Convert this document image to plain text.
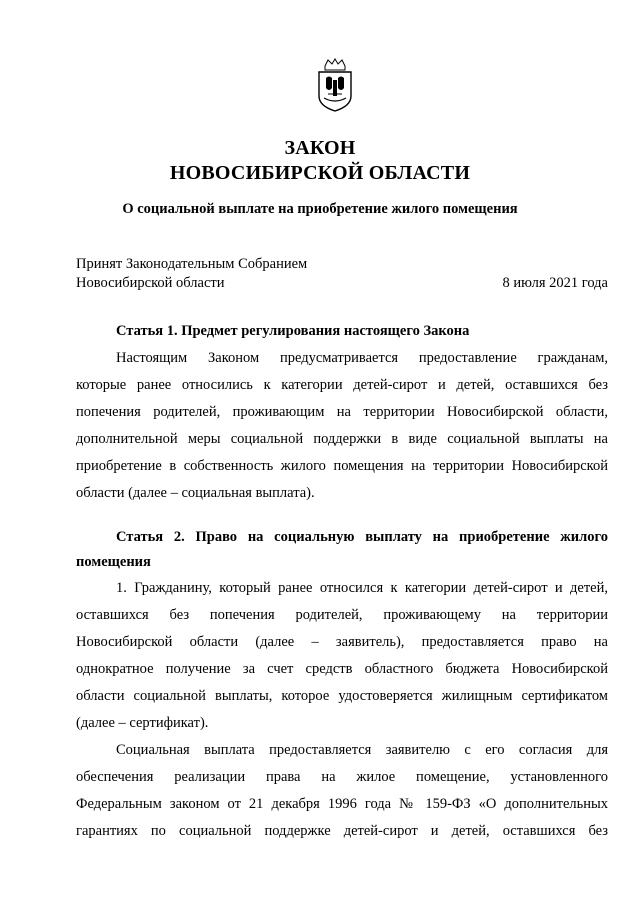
ЗАКОН
НОВОСИБИРСКОЙ ОБЛАСТИ
О социальной выплате на приобретение жилого помещения
Принят Законодательным Собранием
Новосибирской области	8 июля 2021 года
Статья 1. Предмет регулирования настоящего Закона
Настоящим Законом предусматривается предоставление гражданам,
которые ранее относились к категории детей-сирот и детей, оставшихся без
попечения родителей, проживающим на территории Новосибирской области,
дополнительной меры социальной поддержки в виде социальной выплаты на
приобретение в собственность жилого помещения на территории Новосибирской
области (далее – социальная выплата).
Статья 2. Право на социальную выплату на приобретение жилого
помещения
1. Гражданину, который ранее относился к категории детей-сирот и детей,
оставшихся без попечения родителей, проживающему на территории
Новосибирской области (далее – заявитель), предоставляется право на
однократное получение за счет средств областного бюджета Новосибирской
области социальной выплаты, которое удостоверяется жилищным сертификатом
(далее – сертификат).
Социальная выплата предоставляется заявителю с его согласия для
обеспечения реализации права на жилое помещение, установленного
Федеральным законом от 21 декабря 1996 года № 159-ФЗ «О дополнительных
гарантиях по социальной поддержке детей-сирот и детей, оставшихся без
